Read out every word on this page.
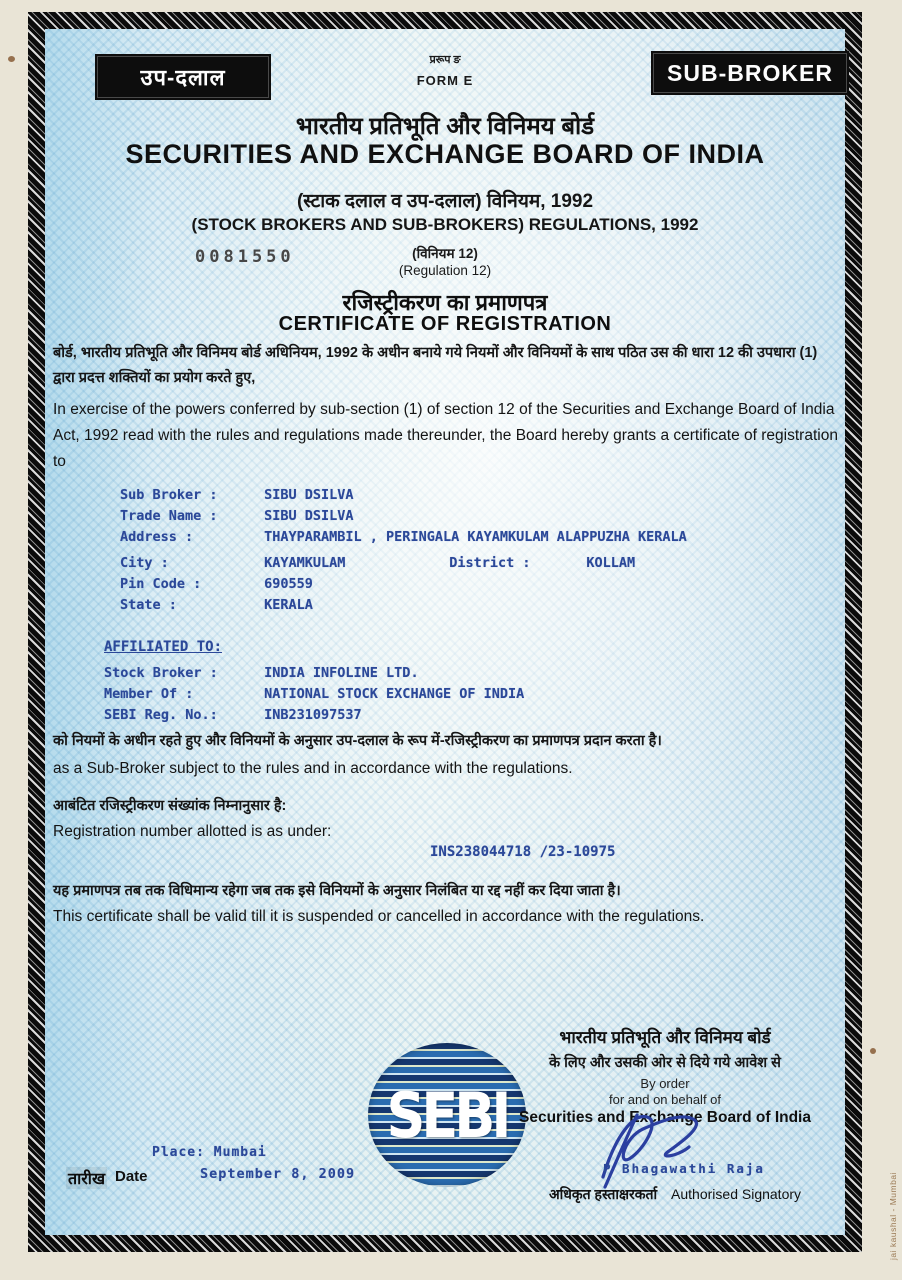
उप-दलाल
प्ररूप ङ
FORM E	SUB-BROKER
भारतीय प्रतिभूति और विनिमय बोर्ड
SECURITIES AND EXCHANGE BOARD OF INDIA
(स्टाक दलाल व उप-दलाल) विनियम, 1992
(STOCK BROKERS AND SUB-BROKERS) REGULATIONS, 1992
0081550	(विनियम 12)
(Regulation 12)
रजिस्ट्रीकरण का प्रमाणपत्र
CERTIFICATE OF REGISTRATION
बोर्ड, भारतीय प्रतिभूति और विनिमय बोर्ड अधिनियम, 1992 के अधीन बनाये गये नियमों और विनियमों के साथ पठित उस की धारा 12 की उपधारा (1) द्वारा प्रदत्त शक्तियों का प्रयोग करते हुए,
In exercise of the powers conferred by sub-section (1) of section 12 of the Securities and Exchange Board of India Act, 1992 read with the rules and regulations made thereunder, the Board hereby grants a certificate of registration to
Sub Broker :	SIBU DSILVA
Trade Name :	SIBU DSILVA
Address :	THAYPARAMBIL , PERINGALA KAYAMKULAM ALAPPUZHA KERALA
City :	KAYAMKULAM	District :	KOLLAM
Pin Code :	690559
State :	KERALA
AFFILIATED TO:
Stock Broker :	INDIA INFOLINE LTD.
Member Of :	NATIONAL STOCK EXCHANGE OF INDIA
SEBI Reg. No.:	INB231097537
को नियमों के अधीन रहते हुए और विनियमों के अनुसार उप-दलाल के रूप में-रजिस्ट्रीकरण का प्रमाणपत्र प्रदान करता है।
as a Sub-Broker subject to the rules and in accordance with the regulations.
आबंटित रजिस्ट्रीकरण संख्यांक निम्नानुसार है:
Registration number allotted is as under:
INS238044718 /23-10975
यह प्रमाणपत्र तब तक विधिमान्य रहेगा जब तक इसे विनियमों के अनुसार निलंबित या रद्द नहीं कर दिया जाता है।
This certificate shall be valid till it is suspended or cancelled in accordance with the regulations.
SEBI
भारतीय प्रतिभूति और विनिमय बोर्ड
के लिए और उसकी ओर से दिये गये आवेश से
By order
for and on behalf of
Securities and Exchange Board of India
P Bhagawathi Raja
अधिकृत हस्ताक्षरकर्ता Authorised Signatory
Place: Mumbai
तारीख Date	September 8, 2009	jai kaushal - Mumbai
